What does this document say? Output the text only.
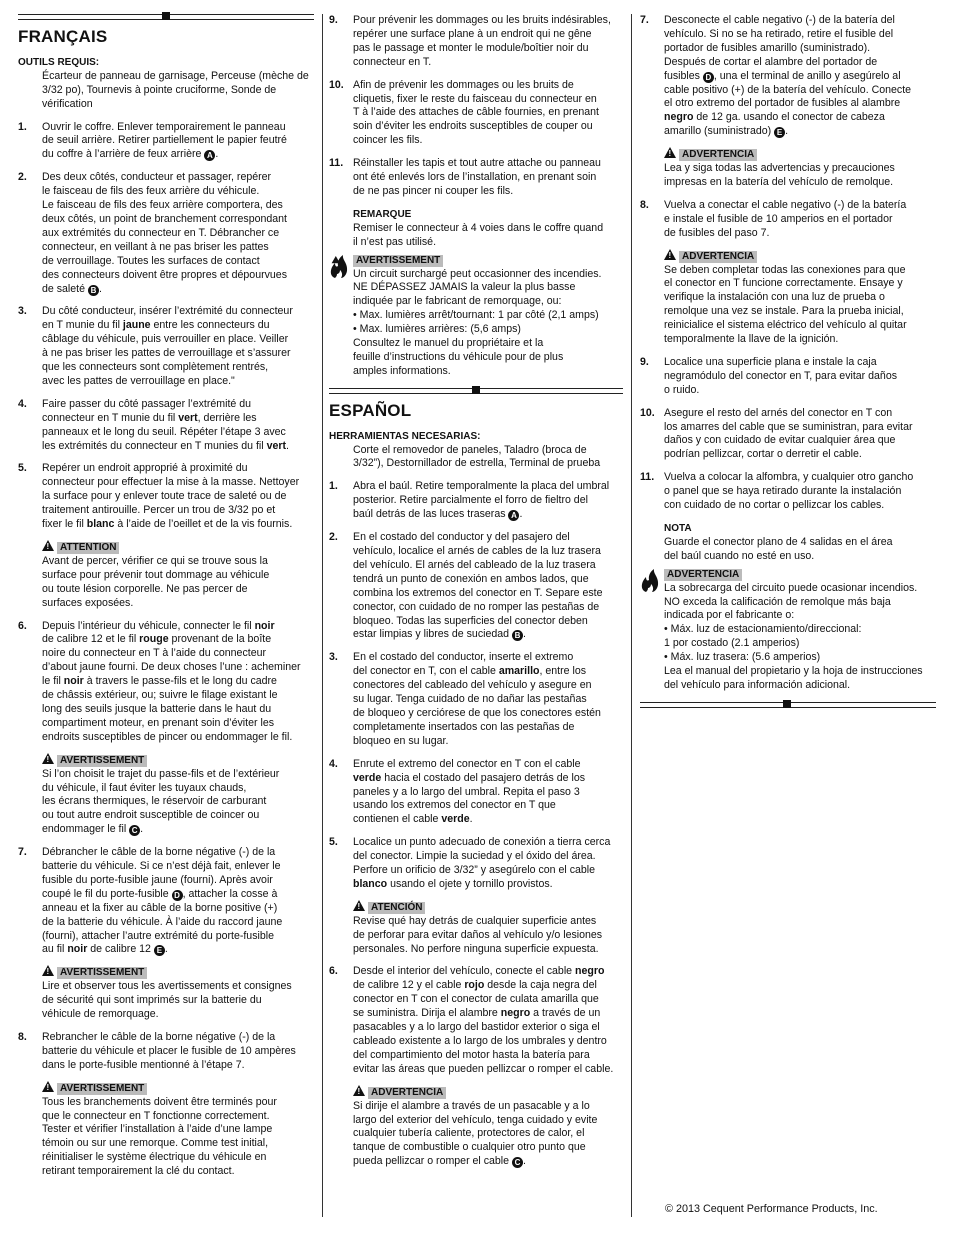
FRANÇAIS
OUTILS REQUIS:
Écarteur de panneau de garnisage, Perceuse (mèche de 3/32 po), Tournevis à pointe cruciforme, Sonde de vérification
1. Ouvrir le coffre. Enlever temporairement le panneau
de seuil arrière. Retirer partiellement le papier feutré
du coffre à l’arrière de feux arrière A .
2. Des deux côtés, conducteur et passager, repérer
le faisceau de fils des feux arrière du véhicule.
Le faisceau de fils des feux arrière comportera, des
deux côtés, un point de branchement correspondant
aux extrémités du connecteur en T. Débrancher ce
connecteur, en veillant à ne pas briser les pattes
de verrouillage. Toutes les surfaces de contact
des connecteurs doivent être propres et dépourvues
de saleté B .
3. Du côté conducteur, insérer l’extrémité du connecteur
en T munie du fil jaune entre les connecteurs du
câblage du véhicule, puis verrouiller en place. Veiller
à ne pas briser les pattes de verrouillage et s’assurer
que les connecteurs sont complètement rentrés,
avec les pattes de verrouillage en place."
4. Faire passer du côté passager l’extrémité du
connecteur en T munie du fil vert, derrière les
panneaux et le long du seuil. Répéter l’étape 3 avec
les extrémités du connecteur en T munies du fil vert.
5. Repérer un endroit approprié à proximité du
connecteur pour effectuer la mise à la masse. Nettoyer
la surface pour y enlever toute trace de saleté ou de
traitement antirouille. Percer un trou de 3/32 po et
fixer le fil blanc à l’aide de l’oeillet et de la vis fournis.
! ATTENTION
Avant de percer, vérifier ce qui se trouve sous la
surface pour prévenir tout dommage au véhicule
ou toute lésion corporelle. Ne pas percer de
surfaces exposées.
6. Depuis l’intérieur du véhicule, connecter le fil noir
de calibre 12 et le fil rouge provenant de la boîte
noire du connecteur en T à l’aide du connecteur
d’about jaune fourni. De deux choses l’une : acheminer
le fil noir à travers le passe-fils et le long du cadre
de châssis extérieur, ou; suivre le filage existant le
long des seuils jusque la batterie dans le haut du
compartiment moteur, en prenant soin d’éviter les
endroits susceptibles de pincer ou endommager le fil.
! AVERTISSEMENT
Si l’on choisit le trajet du passe-fils et de l’extérieur
du véhicule, il faut éviter les tuyaux chauds,
les écrans thermiques, le réservoir de carburant
ou tout autre endroit susceptible de coincer ou
endommager le fil C .
7. Débrancher le câble de la borne négative (-) de la
batterie du véhicule. Si ce n’est déjà fait, enlever le
fusible du porte-fusible jaune (fourni). Après avoir
coupé le fil du porte-fusible D , attacher la cosse à
anneau et la fixer au câble de la borne positive (+)
de la batterie du véhicule. À l’aide du raccord jaune
(fourni), attacher l’autre extrémité du porte-fusible
au fil noir de calibre 12 E .
! AVERTISSEMENT
Lire et observer tous les avertissements et consignes
de sécurité qui sont imprimés sur la batterie du
véhicule de remorquage.
8. Rebrancher le câble de la borne négative (-) de la
batterie du véhicule et placer le fusible de 10 ampères
dans le porte-fusible mentionné à l’étape 7.
! AVERTISSEMENT
Tous les branchements doivent être terminés pour
que le connecteur en T fonctionne correctement.
Tester et vérifier l’installation à l’aide d’une lampe
témoin ou sur une remorque. Comme test initial,
réinitialiser le système électrique du véhicule en
retirant temporairement la clé du contact.
9. Pour prévenir les dommages ou les bruits indésirables,
repérer une surface plane à un endroit qui ne gêne
pas le passage et monter le module/boîtier noir du
connecteur en T.
10. Afin de prévenir les dommages ou les bruits de
cliquetis, fixer le reste du faisceau du connecteur en
T à l’aide des attaches de câble fournies, en prenant
soin d’éviter les endroits susceptibles de couper ou
coincer les fils.
11. Réinstaller les tapis et tout autre attache ou panneau
ont été enlevés lors de l’installation, en prenant soin
de ne pas pincer ni couper les fils.
REMARQUE
Remiser le connecteur à 4 voies dans le coffre quand
il n’est pas utilisé.
AVERTISSEMENT
Un circuit surchargé peut occasionner des incendies.
NE DÉPASSEZ JAMAIS la valeur la plus basse
indiquée par le fabricant de remorquage, ou:
• Max. lumières arrêt/tournant: 1 par côté (2,1 amps)
• Max. lumières arrières: (5,6 amps)
Consultez le manuel du propriétaire et la
feuille d’instructions du véhicule pour de plus
amples informations.
ESPAÑOL
HERRAMIENTAS NECESARIAS:
Corte el removedor de paneles, Taladro (broca de
3/32”), Destornillador de estrella, Terminal de prueba
1. Abra el baúl. Retire temporalmente la placa del umbral
posterior. Retire parcialmente el forro de fieltro del
baúl detrás de las luces traseras A .
2. En el costado del conductor y del pasajero del
vehículo, localice el arnés de cables de la luz trasera
del vehículo. El arnés del cableado de la luz trasera
tendrá un punto de conexión en ambos lados, que
combina los extremos del conector en T. Separe este
conector, con cuidado de no romper las pestañas de
bloqueo. Todas las superficies del conector deben
estar limpias y libres de suciedad B .
3. En el costado del conductor, inserte el extremo
del conector en T, con el cable amarillo, entre los
conectores del cableado del vehículo y asegure en
su lugar. Tenga cuidado de no dañar las pestañas
de bloqueo y cerciórese de que los conectores estén
completamente insertados con las pestañas de
bloqueo en su lugar.
4. Enrute el extremo del conector en T con el cable
verde hacia el costado del pasajero detrás de los
paneles y a lo largo del umbral. Repita el paso 3
usando los extremos del conector en T que
contienen el cable verde.
5. Localice un punto adecuado de conexión a tierra cerca
del conector. Limpie la suciedad y el óxido del área.
Perfore un orificio de 3/32” y asegúrelo con el cable
blanco usando el ojete y tornillo provistos.
! ATENCIÓN
Revise qué hay detrás de cualquier superficie antes
de perforar para evitar daños al vehículo y/o lesiones
personales. No perfore ninguna superficie expuesta.
6. Desde el interior del vehículo, conecte el cable negro
de calibre 12 y el cable rojo desde la caja negra del
conector en T con el conector de culata amarilla que
se suministra. Dirija el alambre negro a través de un
pasacables y a lo largo del bastidor exterior o siga el
cableado existente a lo largo de los umbrales y dentro
del compartimiento del motor hasta la batería para
evitar las áreas que pueden pellizcar o romper el cable.
! ADVERTENCIA
Si dirije el alambre a través de un pasacable y a lo
largo del exterior del vehículo, tenga cuidado y evite
cualquier tubería caliente, protectores de calor, el
tanque de combustible o cualquier otro punto que
pueda pellizcar o romper el cable C .
7. Desconecte el cable negativo (-) de la batería del
vehículo. Si no se ha retirado, retire el fusible del
portador de fusibles amarillo (suministrado).
Después de cortar el alambre del portador de
fusibles D , una el terminal de anillo y asegúrelo al
cable positivo (+) de la batería del vehículo. Conecte
el otro extremo del portador de fusibles al alambre
negro de 12 ga. usando el conector de cabeza
amarillo (suministrado) E .
! ADVERTENCIA
Lea y siga todas las advertencias y precauciones
impresas en la batería del vehículo de remolque.
8. Vuelva a conectar el cable negativo (-) de la batería
e instale el fusible de 10 amperios en el portador
de fusibles del paso 7.
! ADVERTENCIA
Se deben completar todas las conexiones para que
el conector en T funcione correctamente. Ensaye y
verifique la instalación con una luz de prueba o
remolque una vez se instale. Para la prueba inicial,
reinicialice el sistema eléctrico del vehículo al quitar
temporalmente la llave de la ignición.
9. Localice una superficie plana e instale la caja
negramódulo del conector en T, para evitar daños
o ruido.
10. Asegure el resto del arnés del conector en T con
los amarres del cable que se suministran, para evitar
daños y con cuidado de evitar cualquier área que
podrían pellizcar, cortar o derretir el cable.
11. Vuelva a colocar la alfombra, y cualquier otro gancho
o panel que se haya retirado durante la instalación
con cuidado de no cortar o pellizcar los cables.
NOTA
Guarde el conector plano de 4 salidas en el área
del baúl cuando no esté en uso.
ADVERTENCIA
La sobrecarga del circuito puede ocasionar incendios.
NO exceda la calificación de remolque más baja
indicada por el fabricante o:
• Máx. luz de estacionamiento/direccional:
1 por costado (2.1 amperios)
• Máx. luz trasera: (5.6 amperios)
Lea el manual del propietario y la hoja de instrucciones
del vehículo para información adicional.
© 2013 Cequent Performance Products, Inc.
